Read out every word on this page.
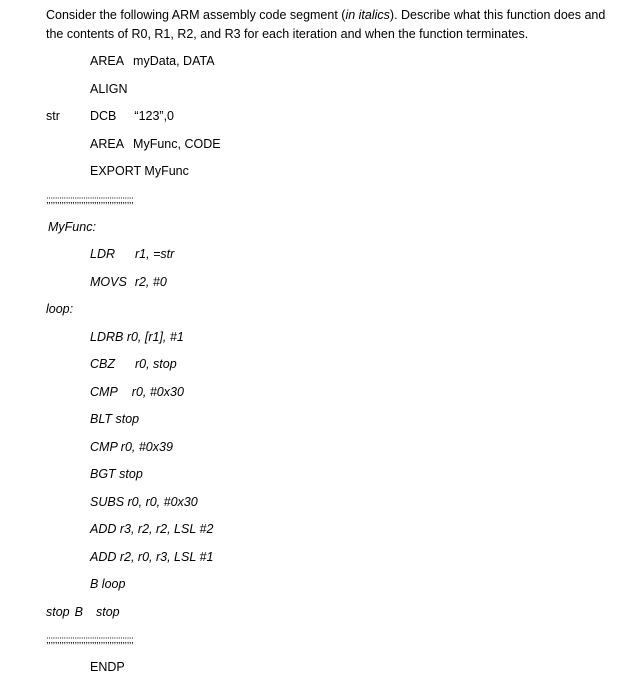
Consider the following ARM assembly code segment (in italics). Describe what this function does and the contents of R0, R1, R2, and R3 for each iteration and when the function terminates.
AREA myData, DATA
ALIGN
str DCB “123”,0
AREA MyFunc, CODE
EXPORT MyFunc
;;;;;;;;;;;;;;;;;;;;;;;;;;;;;;;;;;;;;;;;
MyFunc:
LDR r1, =str
MOVS r2, #0
loop:
LDRB r0, [r1], #1
CBZ r0, stop
CMP r0, #0x30
BLT stop
CMP r0, #0x39
BGT stop
SUBS r0, r0, #0x30
ADD r3, r2, r2, LSL #2
ADD r2, r0, r3, LSL #1
B loop
stop B stop
;;;;;;;;;;;;;;;;;;;;;;;;;;;;;;;;;;;;;;;;
ENDP
